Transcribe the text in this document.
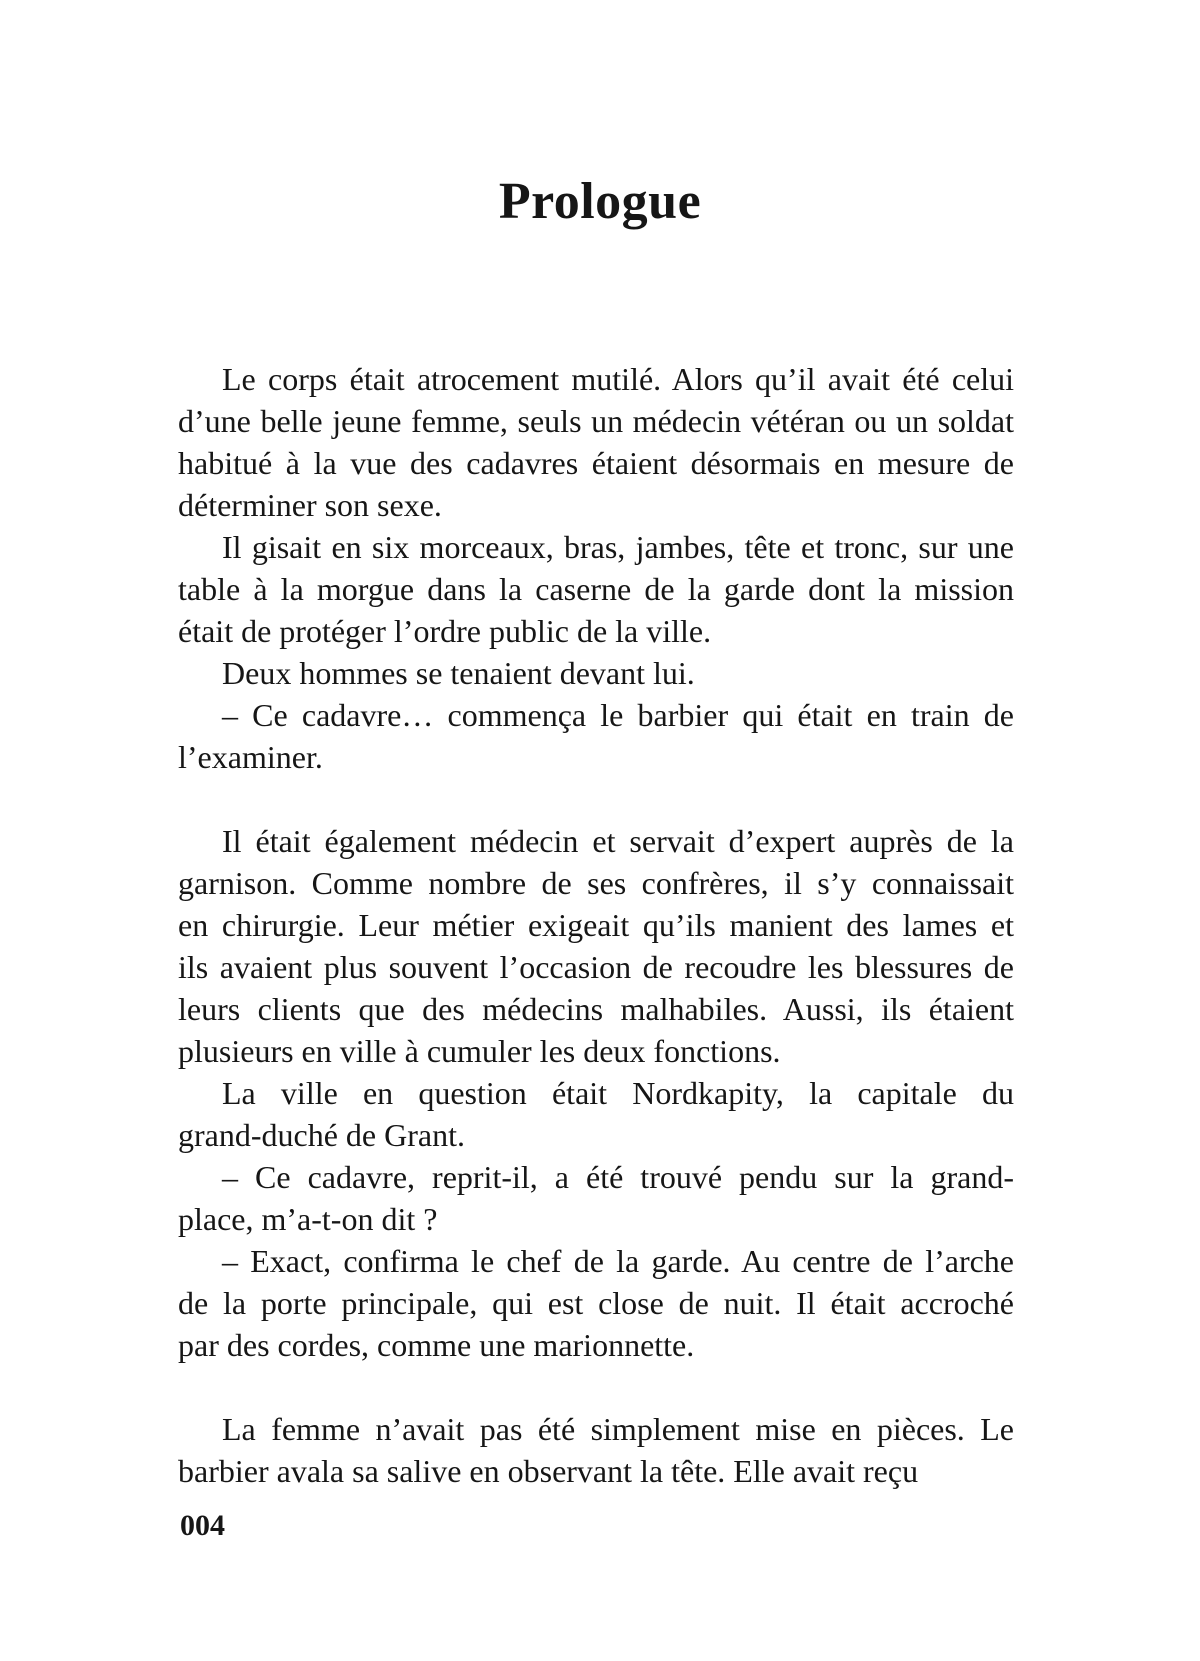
Prologue
Le corps était atrocement mutilé. Alors qu’il avait été celui
d’une belle jeune femme, seuls un médecin vétéran ou un soldat
habitué à la vue des cadavres étaient désormais en mesure de
déterminer son sexe.
Il gisait en six morceaux, bras, jambes, tête et tronc, sur une
table à la morgue dans la caserne de la garde dont la mission
était de protéger l’ordre public de la ville.
Deux hommes se tenaient devant lui.
– Ce cadavre… commença le barbier qui était en train de
l’examiner.
Il était également médecin et servait d’expert auprès de la
garnison. Comme nombre de ses confrères, il s’y connaissait
en chirurgie. Leur métier exigeait qu’ils manient des lames et
ils avaient plus souvent l’occasion de recoudre les blessures de
leurs clients que des médecins malhabiles. Aussi, ils étaient
plusieurs en ville à cumuler les deux fonctions.
La ville en question était Nordkapity, la capitale du
grand-duché de Grant.
– Ce cadavre, reprit-il, a été trouvé pendu sur la grand-
place, m’a-t-on dit ?
– Exact, confirma le chef de la garde. Au centre de l’arche
de la porte principale, qui est close de nuit. Il était accroché
par des cordes, comme une marionnette.
La femme n’avait pas été simplement mise en pièces. Le
barbier avala sa salive en observant la tête. Elle avait reçu
004
